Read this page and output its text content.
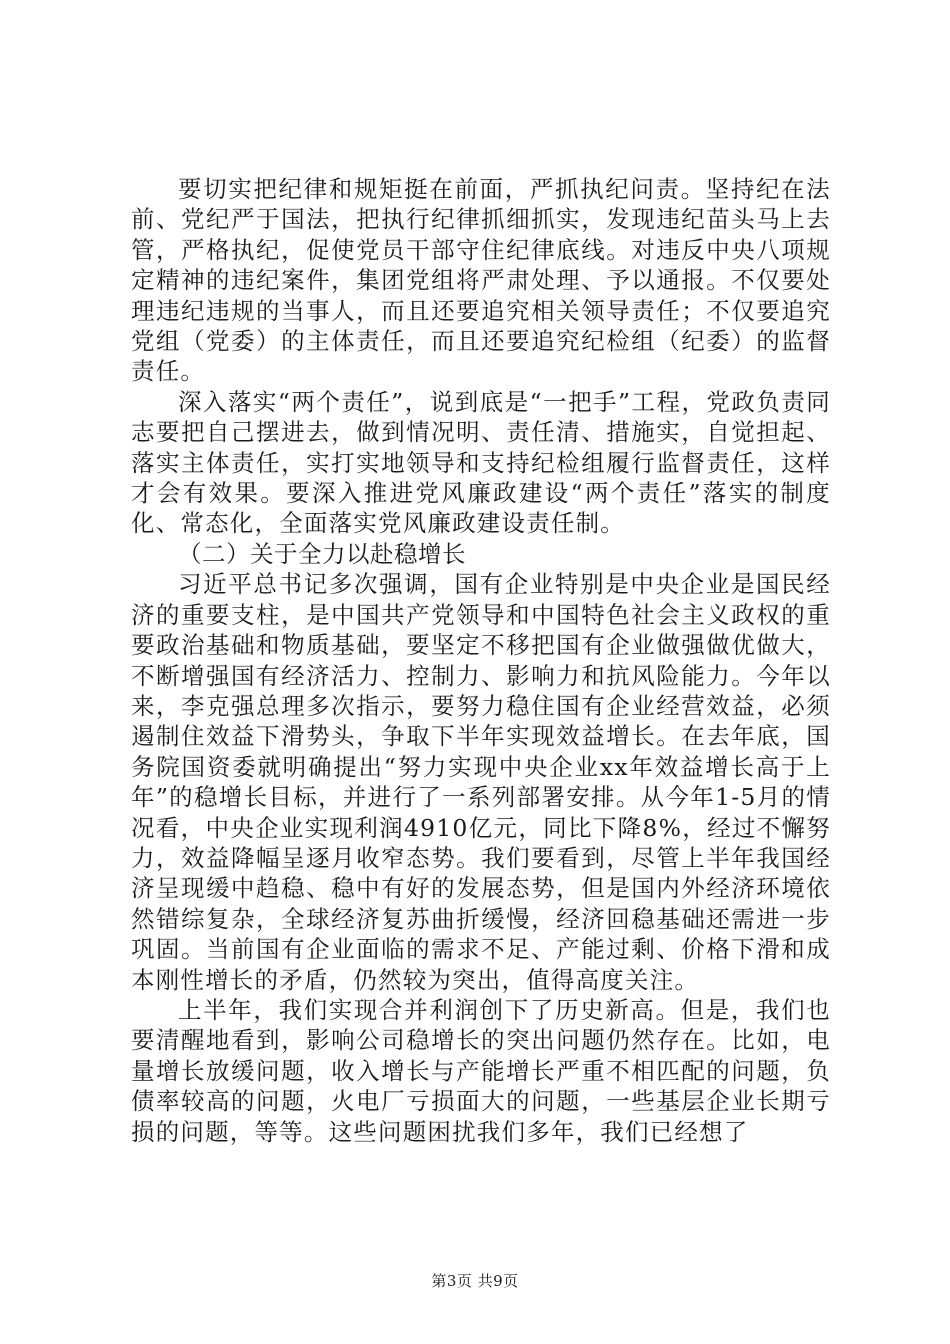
要切实把纪律和规矩挺在前面，严抓执纪问责。坚持纪在法前、党纪严于国法，把执行纪律抓细抓实，发现违纪苗头马上去管，严格执纪，促使党员干部守住纪律底线。对违反中央八项规定精神的违纪案件，集团党组将严肃处理、予以通报。不仅要处理违纪违规的当事人，而且还要追究相关领导责任；不仅要追究党组（党委）的主体责任，而且还要追究纪检组（纪委）的监督责任。

深入落实“两个责任”，说到底是“一把手”工程，党政负责同志要把自己摆进去，做到情况明、责任清、措施实，自觉担起、落实主体责任，实打实地领导和支持纪检组履行监督责任，这样才会有效果。要深入推进党风廉政建设“两个责任”落实的制度化、常态化，全面落实党风廉政建设责任制。

（二）关于全力以赴稳增长

习近平总书记多次强调，国有企业特别是中央企业是国民经济的重要支柱，是中国共产党领导和中国特色社会主义政权的重要政治基础和物质基础，要坚定不移把国有企业做强做优做大，不断增强国有经济活力、控制力、影响力和抗风险能力。今年以来，李克强总理多次指示，要努力稳住国有企业经营效益，必须遏制住效益下滑势头，争取下半年实现效益增长。在去年底，国务院国资委就明确提出“努力实现中央企业xx年效益增长高于上年”的稳增长目标，并进行了一系列部署安排。从今年1-5月的情况看，中央企业实现利润4910亿元，同比下降8%，经过不懈努力，效益降幅呈逐月收窄态势。我们要看到，尽管上半年我国经济呈现缓中趋稳、稳中有好的发展态势，但是国内外经济环境依然错综复杂，全球经济复苏曲折缓慢，经济回稳基础还需进一步巩固。当前国有企业面临的需求不足、产能过剩、价格下滑和成本刚性增长的矛盾，仍然较为突出，值得高度关注。

上半年，我们实现合并利润创下了历史新高。但是，我们也要清醒地看到，影响公司稳增长的突出问题仍然存在。比如，电量增长放缓问题，收入增长与产能增长严重不相匹配的问题，负债率较高的问题，火电厂亏损面大的问题，一些基层企业长期亏损的问题，等等。这些问题困扰我们多年，我们已经想了

第3页 共9页
